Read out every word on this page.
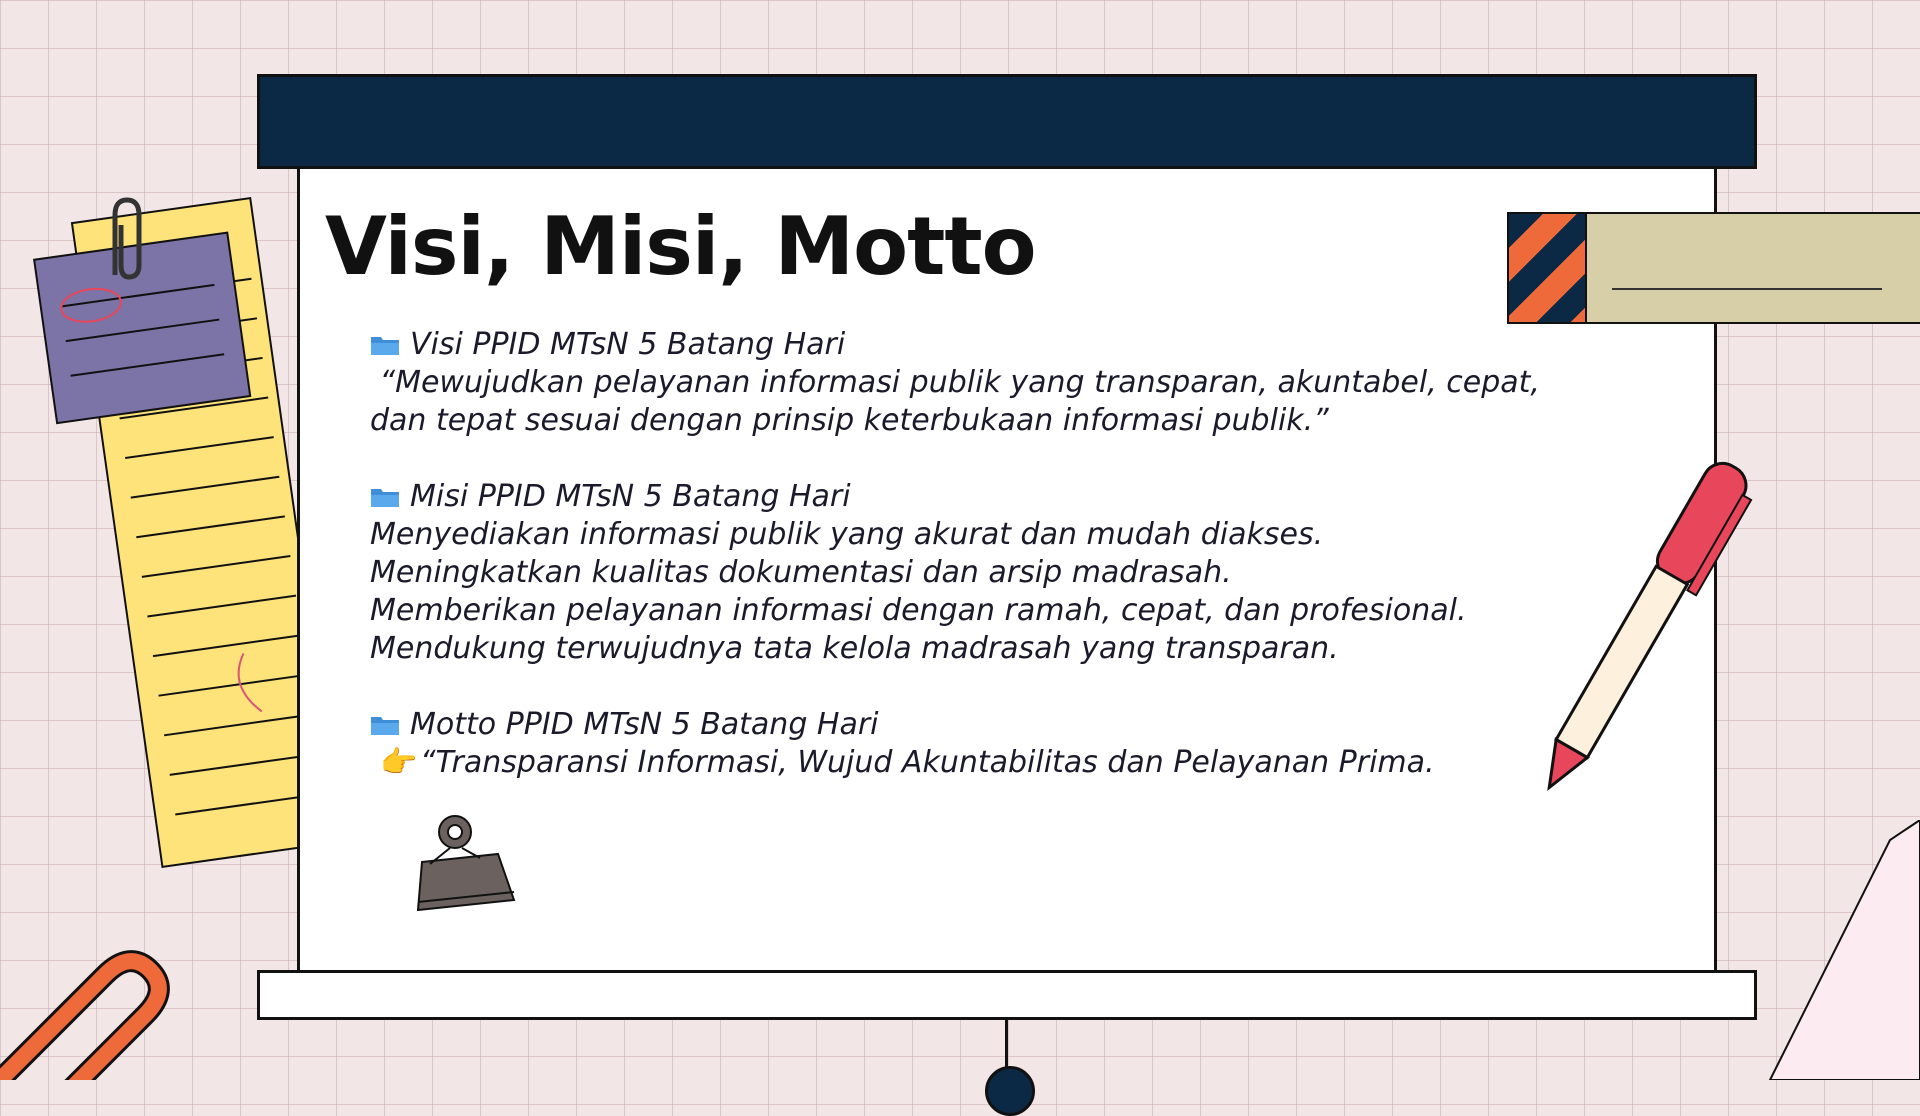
Visi, Misi, Motto
Visi PPID MTsN 5 Batang Hari
“Mewujudkan pelayanan informasi publik yang transparan, akuntabel, cepat,
dan tepat sesuai dengan prinsip keterbukaan informasi publik.”
Misi PPID MTsN 5 Batang Hari
Menyediakan informasi publik yang akurat dan mudah diakses.
Meningkatkan kualitas dokumentasi dan arsip madrasah.
Memberikan pelayanan informasi dengan ramah, cepat, dan profesional.
Mendukung terwujudnya tata kelola madrasah yang transparan.
Motto PPID MTsN 5 Batang Hari
👉“Transparansi Informasi, Wujud Akuntabilitas dan Pelayanan Prima.
